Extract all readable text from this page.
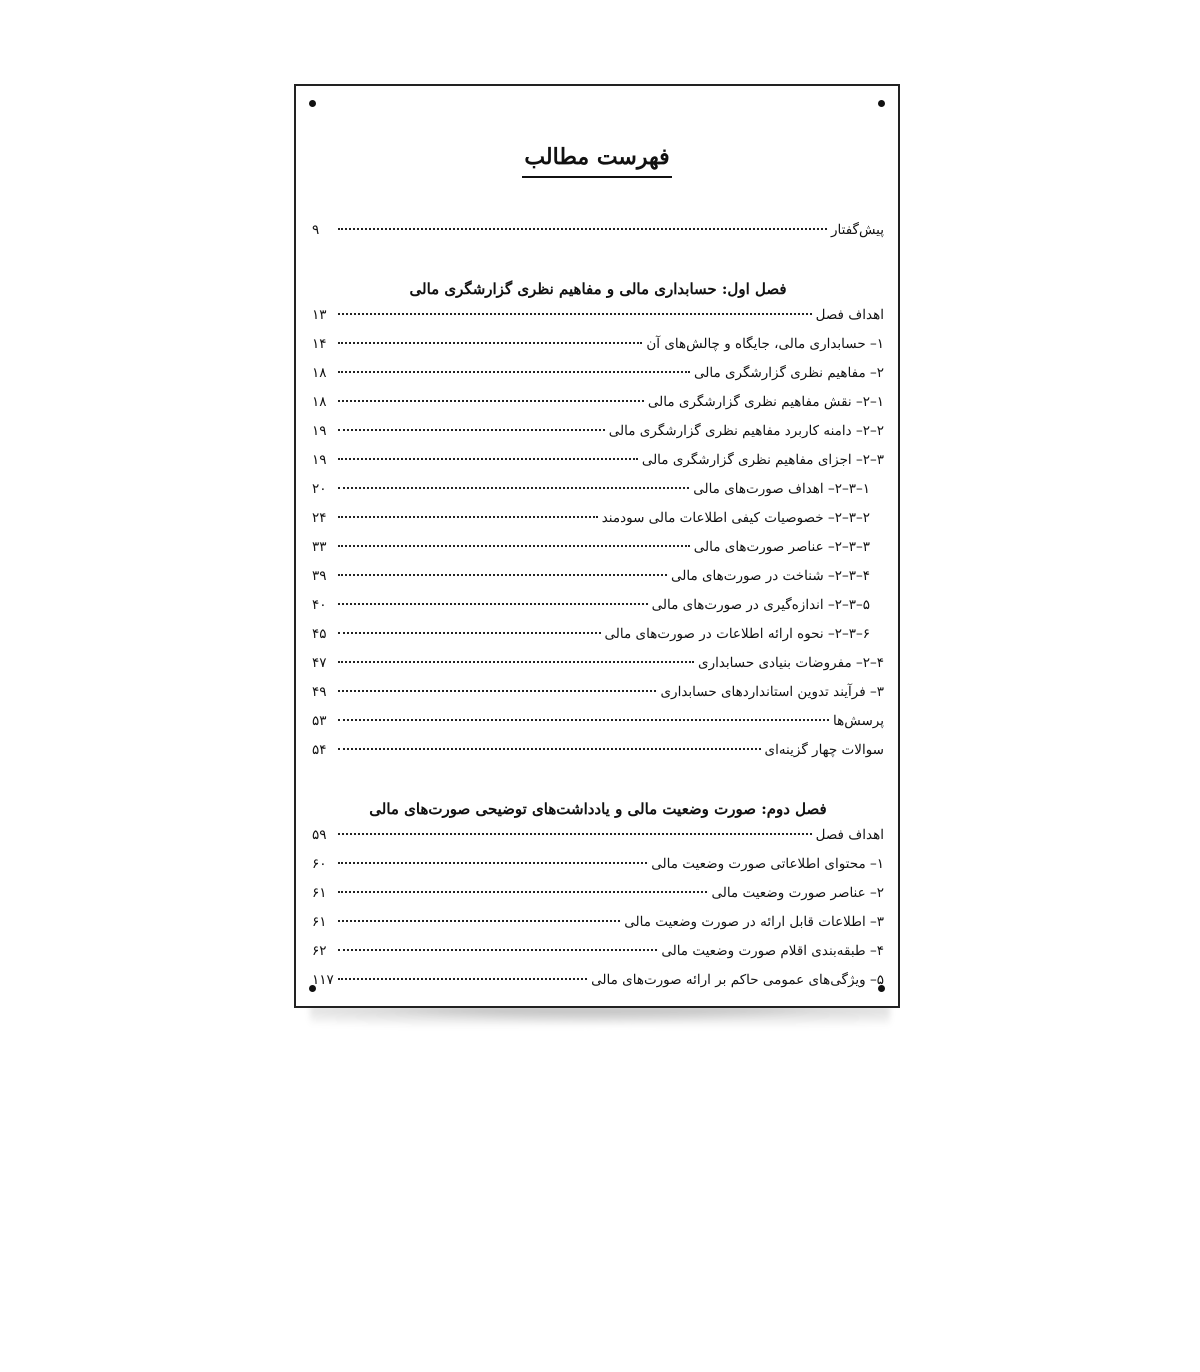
فهرست مطالب
پیش‌گفتار
۹
فصل اول: حسابداری مالی و مفاهیم نظری گزارشگری مالی
اهداف فصل
۱۳
۱– حسابداری مالی، جایگاه و چالش‌های آن
۱۴
۲– مفاهیم نظری گزارشگری مالی
۱۸
۱–۲– نقش مفاهیم نظری گزارشگری مالی
۱۸
۲–۲– دامنه کاربرد مفاهیم نظری گزارشگری مالی
۱۹
۳–۲– اجزای مفاهیم نظری گزارشگری مالی
۱۹
۱–۳–۲– اهداف صورت‌های مالی
۲۰
۲–۳–۲– خصوصیات کیفی اطلاعات مالی سودمند
۲۴
۳–۳–۲– عناصر صورت‌های مالی
۳۳
۴–۳–۲– شناخت در صورت‌های مالی
۳۹
۵–۳–۲– اندازه‌گیری در صورت‌های مالی
۴۰
۶–۳–۲– نحوه ارائه اطلاعات در صورت‌های مالی
۴۵
۴–۲– مفروضات بنیادی حسابداری
۴۷
۳– فرآیند تدوین استانداردهای حسابداری
۴۹
پرسش‌ها
۵۳
سوالات چهار گزینه‌ای
۵۴
فصل دوم: صورت وضعیت مالی و یادداشت‌های توضیحی صورت‌های مالی
اهداف فصل
۵۹
۱– محتوای اطلاعاتی صورت وضعیت مالی
۶۰
۲– عناصر صورت وضعیت مالی
۶۱
۳– اطلاعات قابل ارائه در صورت وضعیت مالی
۶۱
۴– طبقه‌بندی اقلام صورت وضعیت مالی
۶۲
۵– ویژگی‌های عمومی حاکم بر ارائه صورت‌های مالی
۱۱۷
